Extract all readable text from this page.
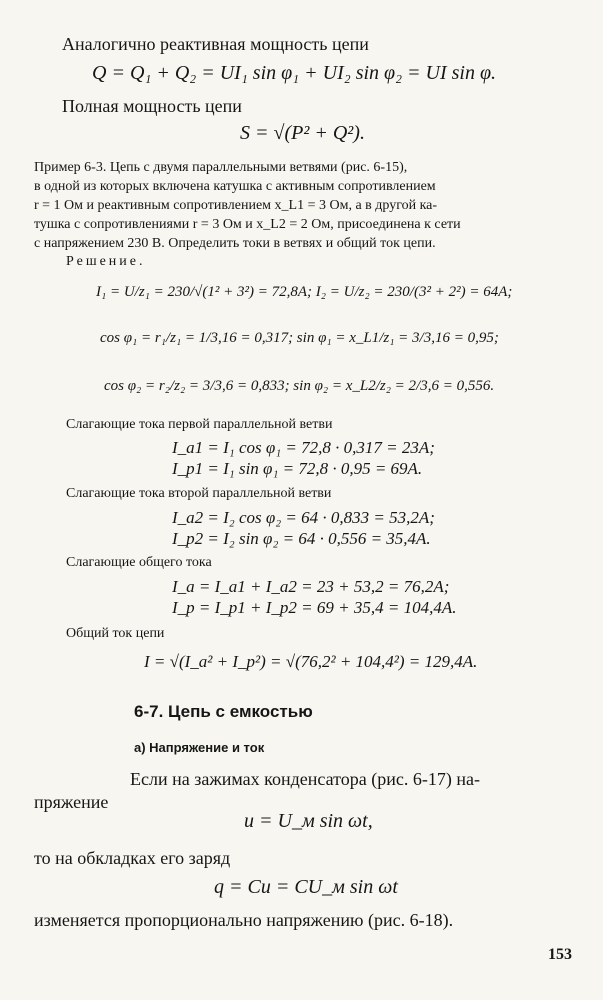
Аналогично реактивная мощность цепи
Q = Q₁ + Q₂ = UI₁ sin φ₁ + UI₂ sin φ₂ = UI sin φ.
Полная мощность цепи
S = √(P² + Q²).
Пример 6-3. Цепь с двумя параллельными ветвями (рис. 6-15),
в одной из которых включена катушка с активным сопротивлением
r = 1 Ом и реактивным сопротивлением x_L1 = 3 Ом, а в другой ка-
тушка с сопротивлениями r = 3 Ом и x_L2 = 2 Ом, присоединена к сети
с напряжением 230 В. Определить токи в ветвях и общий ток цепи.
Решение.
I₁ = U/z₁ = 230/√(1² + 3²) = 72,8A; I₂ = U/z₂ = 230/(3² + 2²) = 64A;
cos φ₁ = r₁/z₁ = 1/3,16 = 0,317; sin φ₁ = x_L1/z₁ = 3/3,16 = 0,95;
cos φ₂ = r₂/z₂ = 3/3,6 = 0,833; sin φ₂ = x_L2/z₂ = 2/3,6 = 0,556.
Слагающие тока первой параллельной ветви
I_a1 = I₁ cos φ₁ = 72,8 · 0,317 = 23A;
I_p1 = I₁ sin φ₁ = 72,8 · 0,95 = 69A.
Слагающие тока второй параллельной ветви
I_a2 = I₂ cos φ₂ = 64 · 0,833 = 53,2A;
I_p2 = I₂ sin φ₂ = 64 · 0,556 = 35,4A.
Слагающие общего тока
I_a = I_a1 + I_a2 = 23 + 53,2 = 76,2A;
I_p = I_p1 + I_p2 = 69 + 35,4 = 104,4A.
Общий ток цепи
I = √(I_a² + I_p²) = √(76,2² + 104,4²) = 129,4A.
6-7. Цепь с емкостью
а) Напряжение и ток
Если на зажимах конденсатора (рис. 6-17) на-
пряжение
u = U_м sin ωt,
то на обкладках его заряд
q = Cu = CU_м sin ωt
изменяется пропорционально напряжению (рис. 6-18).
153
